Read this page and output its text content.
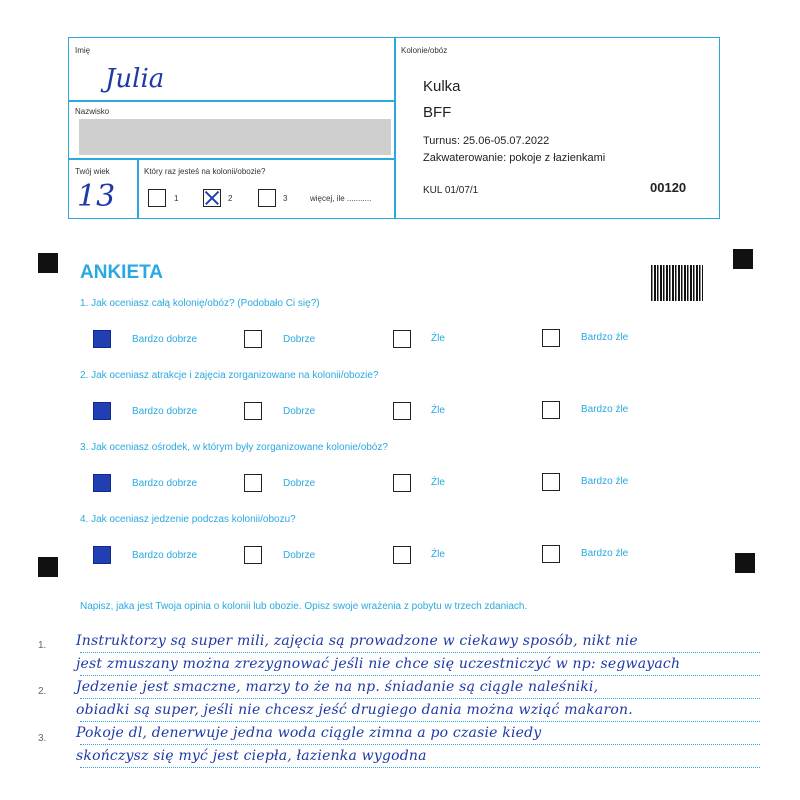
Imię
Julia
Nazwisko
Twój wiek
13
Który raz jesteś na kolonii/obozie?
1	2	3	więcej, ile ...........
Kolonie/obóz
Kulka
BFF
Turnus: 25.06-05.07.2022
Zakwaterowanie: pokoje z łazienkami
KUL 01/07/1	00120
ANKIETA
1. Jak oceniasz całą kolonię/obóz? (Podobało Ci się?)
Bardzo dobrze	Dobrze	Źle	Bardzo źle
2. Jak oceniasz atrakcje i zajęcia zorganizowane na kolonii/obozie?
Bardzo dobrze	Dobrze	Źle	Bardzo źle
3. Jak oceniasz ośrodek, w którym były zorganizowane kolonie/obóz?
Bardzo dobrze	Dobrze	Źle	Bardzo źle
4. Jak oceniasz jedzenie podczas kolonii/obozu?
Bardzo dobrze	Dobrze	Źle	Bardzo źle
Napisz, jaka jest Twoja opinia o kolonii lub obozie. Opisz swoje wrażenia z pobytu w trzech zdaniach.
1.
2.
3.
Instruktorzy są super mili, zajęcia są prowadzone w ciekawy sposób, nikt nie
jest zmuszany można zrezygnować jeśli nie chce się uczestniczyć w np: segwayach
Jedzenie jest smaczne, marzy to że na np. śniadanie są ciągle naleśniki,
obiadki są super, jeśli nie chcesz jeść drugiego dania można wziąć makaron.
Pokoje dl, denerwuje jedna woda ciągle zimna a po czasie kiedy
skończysz się myć jest ciepła, łazienka wygodna
